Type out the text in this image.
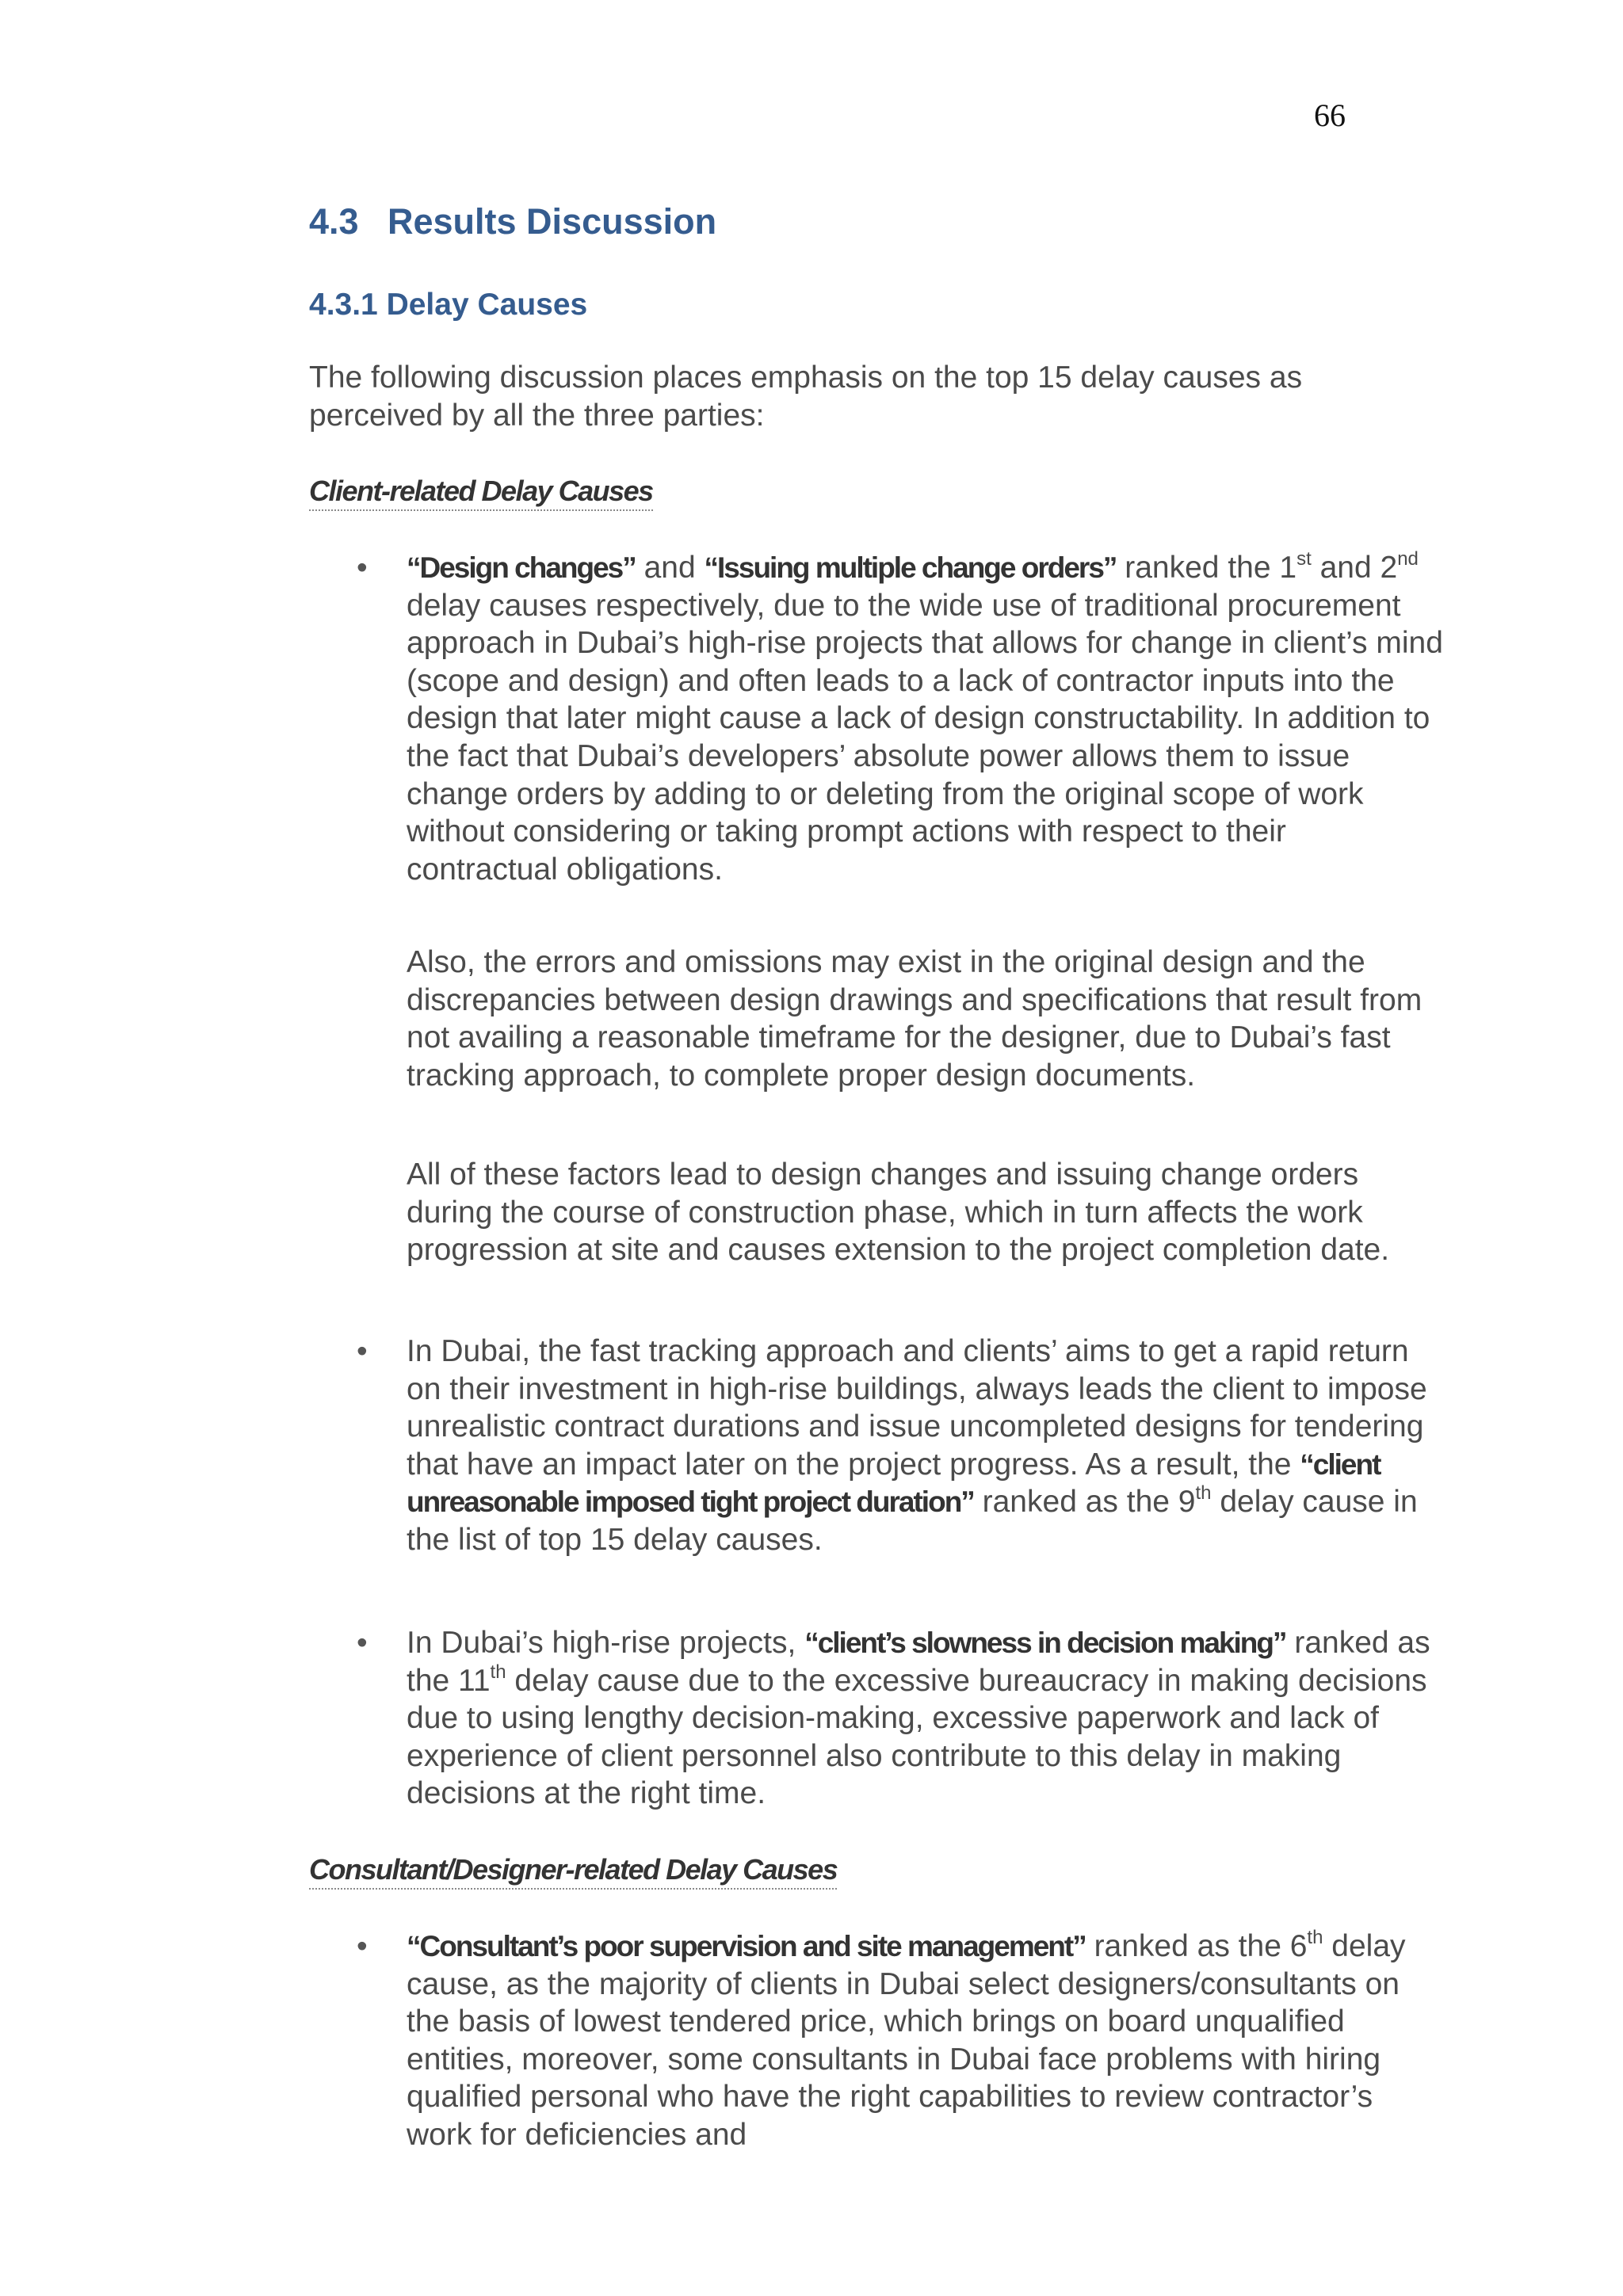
66
4.3 Results Discussion
4.3.1 Delay Causes

The following discussion places emphasis on the top 15 delay causes as perceived by all the three parties:

Client-related Delay Causes
• “Design changes” and “Issuing multiple change orders” ranked the 1st and 2nd delay causes respectively, due to the wide use of traditional procurement approach in Dubai’s high-rise projects that allows for change in client’s mind (scope and design) and often leads to a lack of contractor inputs into the design that later might cause a lack of design constructability. In addition to the fact that Dubai’s developers’ absolute power allows them to issue change orders by adding to or deleting from the original scope of work without considering or taking prompt actions with respect to their contractual obligations.

Also, the errors and omissions may exist in the original design and the discrepancies between design drawings and specifications that result from not availing a reasonable timeframe for the designer, due to Dubai’s fast tracking approach, to complete proper design documents.

All of these factors lead to design changes and issuing change orders during the course of construction phase, which in turn affects the work progression at site and causes extension to the project completion date.

• In Dubai, the fast tracking approach and clients’ aims to get a rapid return on their investment in high-rise buildings, always leads the client to impose unrealistic contract durations and issue uncompleted designs for tendering that have an impact later on the project progress. As a result, the “client unreasonable imposed tight project duration” ranked as the 9th delay cause in the list of top 15 delay causes.

• In Dubai’s high-rise projects, “client’s slowness in decision making” ranked as the 11th delay cause due to the excessive bureaucracy in making decisions due to using lengthy decision-making, excessive paperwork and lack of experience of client personnel also contribute to this delay in making decisions at the right time.

Consultant/Designer-related Delay Causes
• “Consultant’s poor supervision and site management” ranked as the 6th delay cause, as the majority of clients in Dubai select designers/consultants on the basis of lowest tendered price, which brings on board unqualified entities, moreover, some consultants in Dubai face problems with hiring qualified personal who have the right capabilities to review contractor’s work for deficiencies and
